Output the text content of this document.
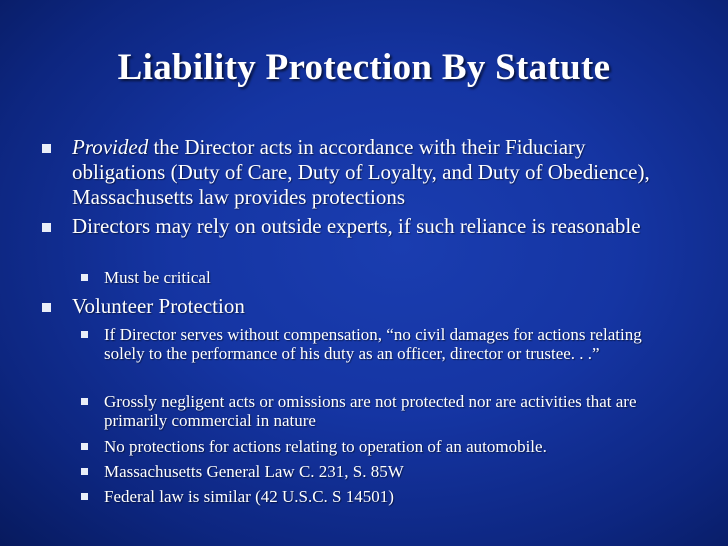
Liability Protection By Statute
Provided the Director acts in accordance with their Fiduciary obligations (Duty of Care, Duty of Loyalty, and Duty of Obedience), Massachusetts law provides protections
Directors may rely on outside experts, if such reliance is reasonable
Must be critical
Volunteer Protection
If Director serves without compensation, “no civil damages for actions relating solely to the performance of his duty as an officer, director or trustee. . .”
Grossly negligent acts or omissions are not protected nor are activities that are primarily commercial in nature
No protections for actions relating to operation of an automobile.
Massachusetts General Law C. 231, S. 85W
Federal law is similar (42 U.S.C. S 14501)
